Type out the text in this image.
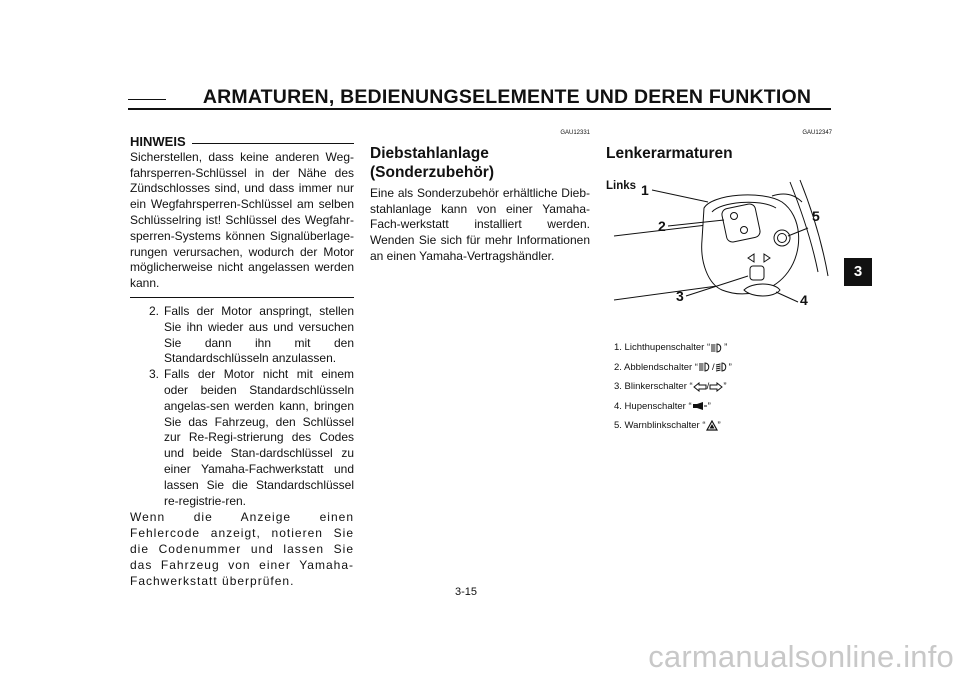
ARMATUREN, BEDIENUNGSELEMENTE UND DEREN FUNKTION
3
HINWEIS
Sicherstellen, dass keine anderen Weg-fahrsperren-Schlüssel in der Nähe des Zündschlosses sind, und dass immer nur ein Wegfahrsperren-Schlüssel am selben Schlüsselring ist! Schlüssel des Wegfahr-sperren-Systems können Signalüberlage-rungen verursachen, wodurch der Motor möglicherweise nicht angelassen werden kann.
2. Falls der Motor anspringt, stellen Sie ihn wieder aus und versuchen Sie dann ihn mit den Standardschlüsseln anzulassen.
3. Falls der Motor nicht mit einem oder beiden Standardschlüsseln angelas-sen werden kann, bringen Sie das Fahrzeug, den Schlüssel zur Re-Regi-strierung des Codes und beide Stan-dardschlüssel zu einer Yamaha-Fachwerkstatt und lassen Sie die Standardschlüssel re-registrie-ren.
Wenn die Anzeige einen Fehlercode anzeigt, notieren Sie die Codenummer und lassen Sie das Fahrzeug von einer Yamaha-Fachwerkstatt überprüfen.
GAU12331
Diebstahlanlage (Sonderzubehör)
Eine als Sonderzubehör erhältliche Dieb-stahlanlage kann von einer Yamaha-Fach-werkstatt installiert werden. Wenden Sie sich für mehr Informationen an einen Yamaha-Vertragshändler.
GAU12347
Lenkerarmaturen
Links 1
2
3	4
5
1. Lichthupenschalter “ ”
2. Abblendschalter “ / ”
3. Blinkerschalter “ / ”
4. Hupenschalter “ ”
5. Warnblinkschalter “ ”
3-15
carmanualsonline.info
